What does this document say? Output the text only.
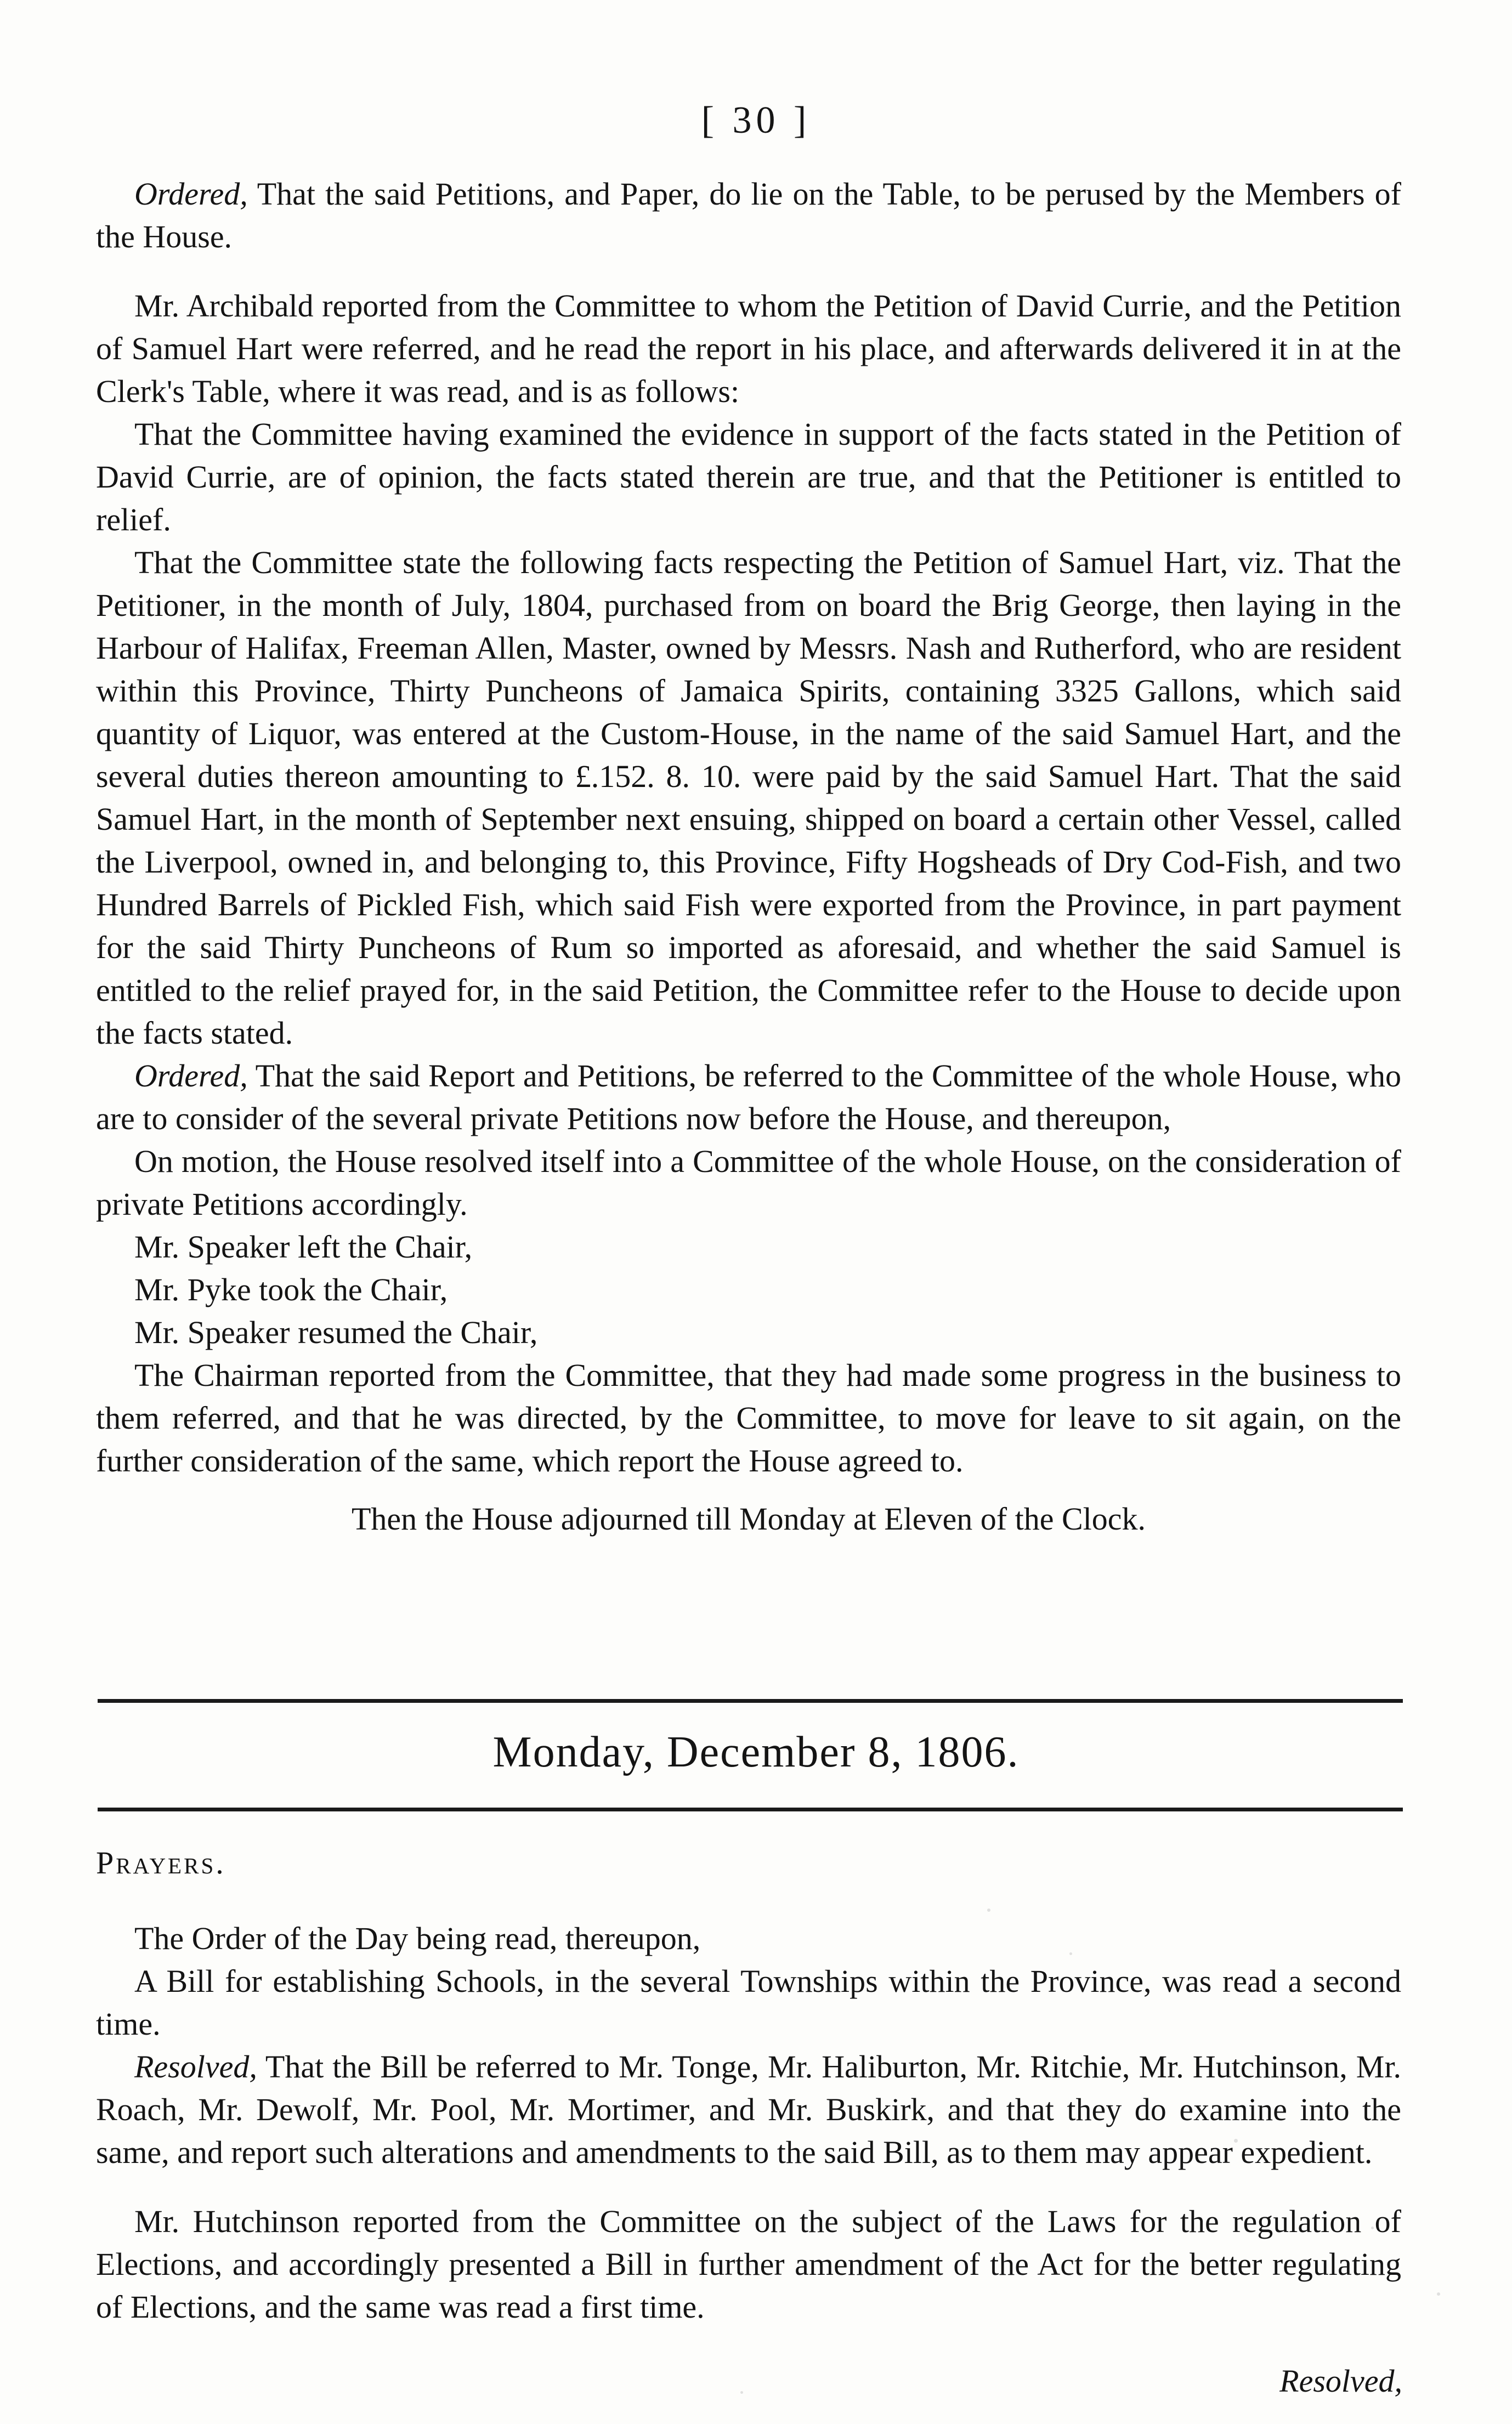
[ 30 ]

Ordered, That the said Petitions, and Paper, do lie on the Table, to be perused by the Members of the House.

Mr. Archibald reported from the Committee to whom the Petition of David Currie, and the Petition of Samuel Hart were referred, and he read the report in his place, and afterwards delivered it in at the Clerk's Table, where it was read, and is as follows:

That the Committee having examined the evidence in support of the facts stated in the Petition of David Currie, are of opinion, the facts stated therein are true, and that the Petitioner is entitled to relief.

That the Committee state the following facts respecting the Petition of Samuel Hart, viz. That the Petitioner, in the month of July, 1804, purchased from on board the Brig George, then laying in the Harbour of Halifax, Freeman Allen, Master, owned by Messrs. Nash and Rutherford, who are resident within this Province, Thirty Puncheons of Jamaica Spirits, containing 3325 Gallons, which said quantity of Liquor, was entered at the Custom-House, in the name of the said Samuel Hart, and the several duties thereon amounting to £.152. 8. 10. were paid by the said Samuel Hart. That the said Samuel Hart, in the month of September next ensuing, shipped on board a certain other Vessel, called the Liverpool, owned in, and belonging to, this Province, Fifty Hogsheads of Dry Cod-Fish, and two Hundred Barrels of Pickled Fish, which said Fish were exported from the Province, in part payment for the said Thirty Puncheons of Rum so imported as aforesaid, and whether the said Samuel is entitled to the relief prayed for, in the said Petition, the Committee refer to the House to decide upon the facts stated.

Ordered, That the said Report and Petitions, be referred to the Committee of the whole House, who are to consider of the several private Petitions now before the House, and thereupon,

On motion, the House resolved itself into a Committee of the whole House, on the consideration of private Petitions accordingly.

Mr. Speaker left the Chair,

Mr. Pyke took the Chair,

Mr. Speaker resumed the Chair,

The Chairman reported from the Committee, that they had made some progress in the business to them referred, and that he was directed, by the Committee, to move for leave to sit again, on the further consideration of the same, which report the House agreed to.

Then the House adjourned till Monday at Eleven of the Clock.

Monday, December 8, 1806.

Prayers.

The Order of the Day being read, thereupon,

A Bill for establishing Schools, in the several Townships within the Province, was read a second time.

Resolved, That the Bill be referred to Mr. Tonge, Mr. Haliburton, Mr. Ritchie, Mr. Hutchinson, Mr. Roach, Mr. Dewolf, Mr. Pool, Mr. Mortimer, and Mr. Buskirk, and that they do examine into the same, and report such alterations and amendments to the said Bill, as to them may appear expedient.

Mr. Hutchinson reported from the Committee on the subject of the Laws for the regulation of Elections, and accordingly presented a Bill in further amendment of the Act for the better regulating of Elections, and the same was read a first time.

Resolved,
